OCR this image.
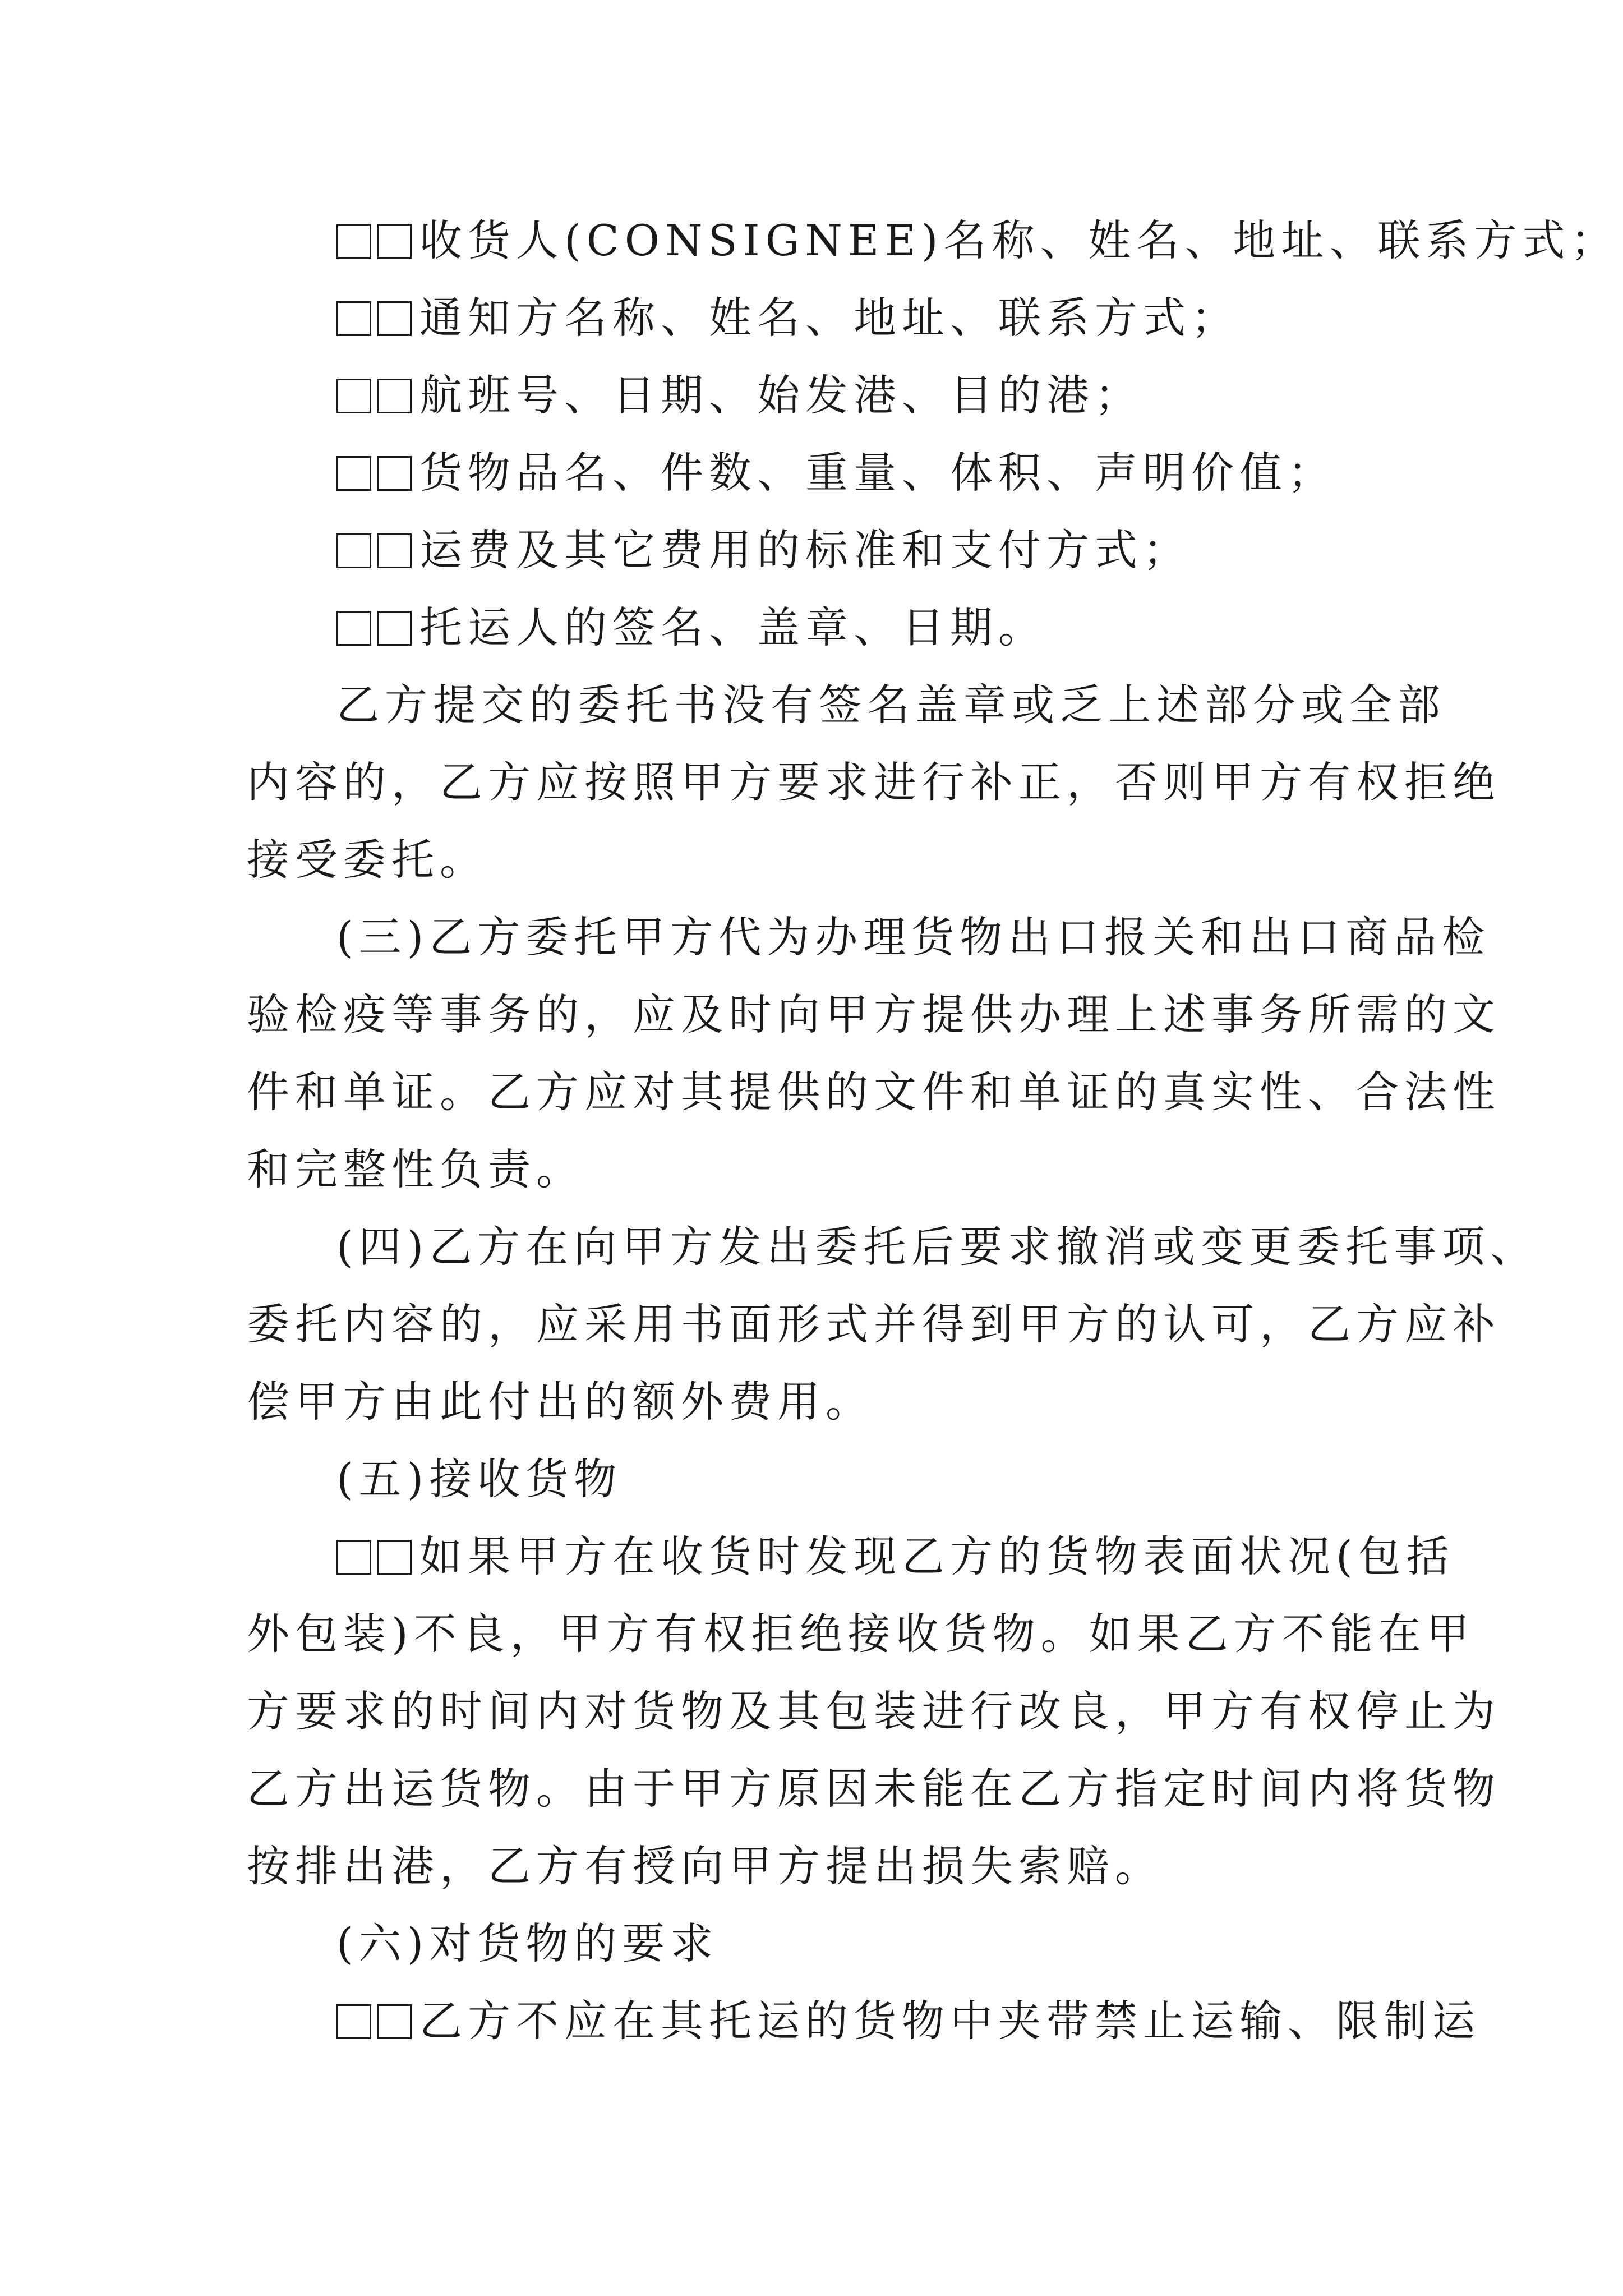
收货人(CONSIGNEE)名称、姓名、地址、联系方式；

通知方名称、姓名、地址、联系方式；

航班号、日期、始发港、目的港；

货物品名、件数、重量、体积、声明价值；

运费及其它费用的标准和支付方式；

托运人的签名、盖章、日期。

乙方提交的委托书没有签名盖章或乏上述部分或全部

内容的，乙方应按照甲方要求进行补正，否则甲方有权拒绝

接受委托。

(三)乙方委托甲方代为办理货物出口报关和出口商品检

验检疫等事务的，应及时向甲方提供办理上述事务所需的文

件和单证。乙方应对其提供的文件和单证的真实性、合法性

和完整性负责。

(四)乙方在向甲方发出委托后要求撤消或变更委托事项、

委托内容的，应采用书面形式并得到甲方的认可，乙方应补

偿甲方由此付出的额外费用。

(五)接收货物

如果甲方在收货时发现乙方的货物表面状况(包括

外包装)不良，甲方有权拒绝接收货物。如果乙方不能在甲

方要求的时间内对货物及其包装进行改良，甲方有权停止为

乙方出运货物。由于甲方原因未能在乙方指定时间内将货物

按排出港，乙方有授向甲方提出损失索赔。

(六)对货物的要求

乙方不应在其托运的货物中夹带禁止运输、限制运
